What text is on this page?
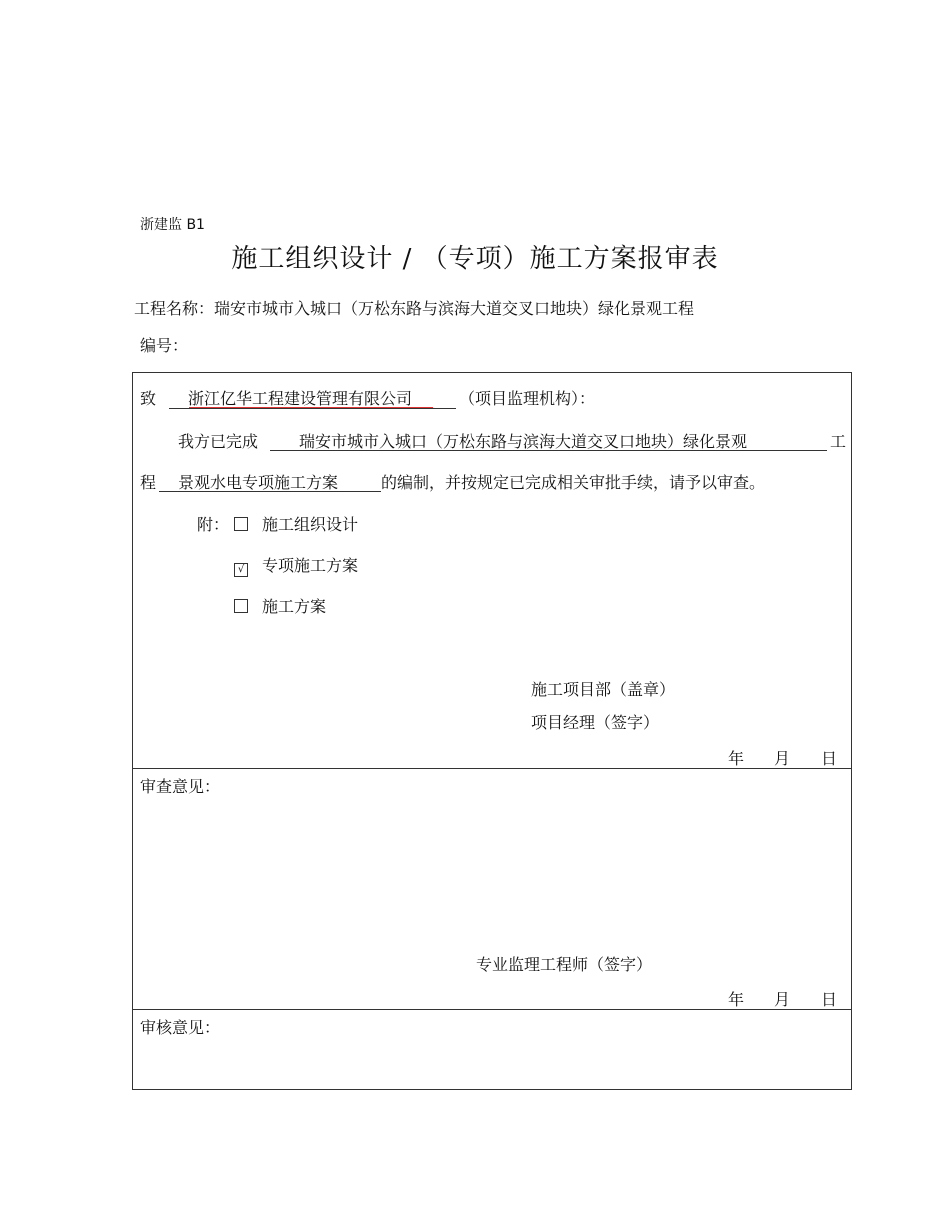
浙建监 B1
施工组织设计 / （专项）施工方案报审表
工程名称：瑞安市城市入城口（万松东路与滨海大道交叉口地块）绿化景观工程
编号：
致 浙江亿华工程建设管理有限公司	（项目监理机构）：
我方已完成	瑞安市城市入城口（万松东路与滨海大道交叉口地块）绿化景观	工
程 景观水电专项施工方案	的编制，并按规定已完成相关审批手续，请予以审查。
附：	施工组织设计
√ 专项施工方案
施工方案
施工项目部（盖章）
项目经理（签字）
年 月 日
审查意见：
专业监理工程师（签字）
年 月 日
审核意见：
